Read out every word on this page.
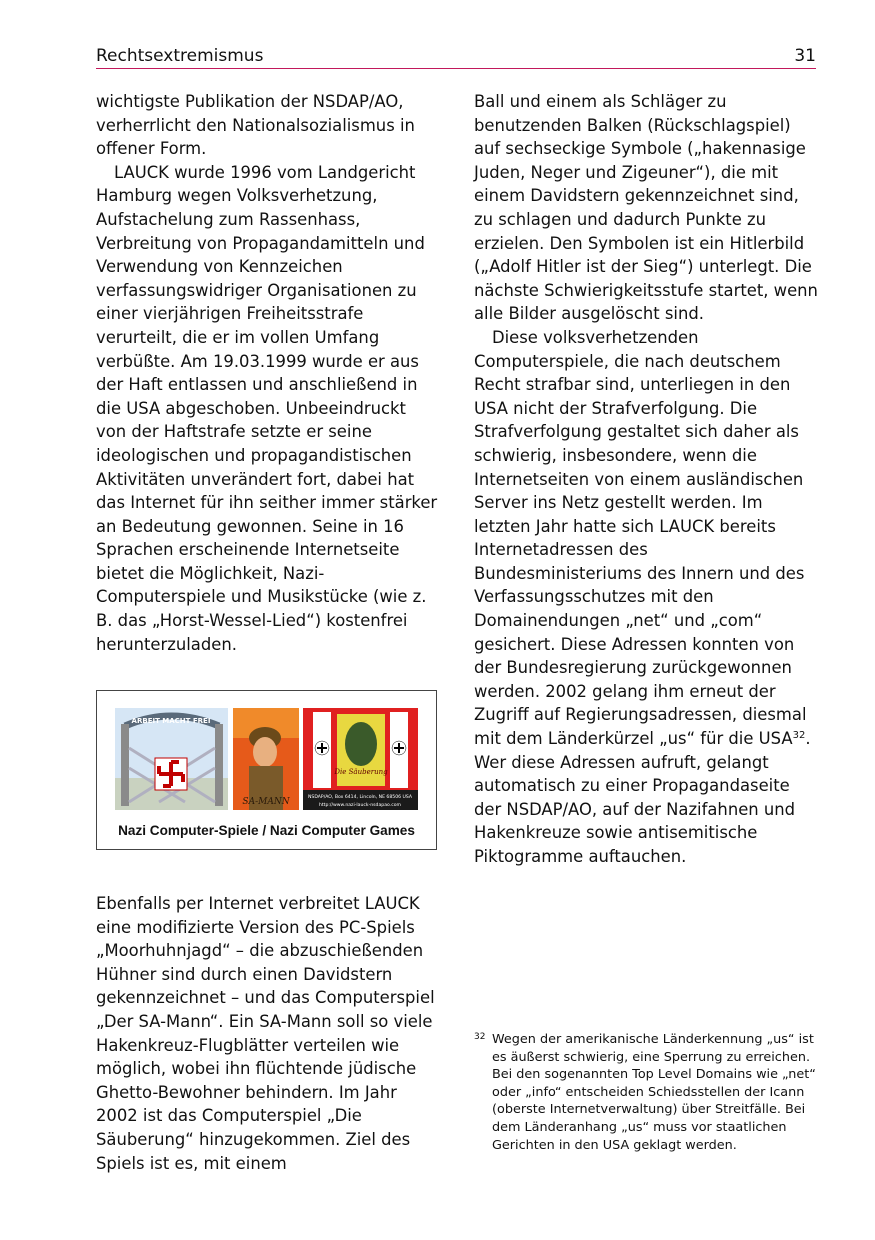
Rechtsextremismus	31

wichtigste Publikation der NSDAP/AO, verherrlicht den Nationalsozialismus in offener Form.

LAUCK wurde 1996 vom Landgericht Hamburg wegen Volksverhetzung, Aufstachelung zum Rassenhass, Verbreitung von Propagandamitteln und Verwendung von Kennzeichen verfassungswidriger Organisationen zu einer vierjährigen Freiheitsstrafe verurteilt, die er im vollen Umfang verbüßte. Am 19.03.1999 wurde er aus der Haft entlassen und anschließend in die USA abgeschoben. Unbeeindruckt von der Haftstrafe setzte er seine ideologischen und propagandistischen Aktivitäten unverändert fort, dabei hat das Internet für ihn seither immer stärker an Bedeutung gewonnen. Seine in 16 Sprachen erscheinende Internetseite bietet die Möglichkeit, Nazi-Computerspiele und Musikstücke (wie z. B. das „Horst-Wessel-Lied“) kostenfrei herunterzuladen.

ARBEIT MACHT FREI
SA-MANN
Die Säuberung
NSDAP/AO, Box 6414, Lincoln, NE 68506 USA
http://www.nazi-lauck-nsdapao.com
Nazi Computer-Spiele / Nazi Computer Games

Ebenfalls per Internet verbreitet LAUCK eine modifizierte Version des PC-Spiels „Moorhuhnjagd“ – die abzuschießenden Hühner sind durch einen Davidstern gekennzeichnet – und das Computerspiel „Der SA-Mann“. Ein SA-Mann soll so viele Hakenkreuz-Flugblätter verteilen wie möglich, wobei ihn flüchtende jüdische Ghetto-Bewohner behindern. Im Jahr 2002 ist das Computerspiel „Die Säuberung“ hinzugekommen. Ziel des Spiels ist es, mit einem

Ball und einem als Schläger zu benutzenden Balken (Rückschlagspiel) auf sechseckige Symbole („hakennasige Juden, Neger und Zigeuner“), die mit einem Davidstern gekennzeichnet sind, zu schlagen und dadurch Punkte zu erzielen. Den Symbolen ist ein Hitlerbild („Adolf Hitler ist der Sieg“) unterlegt. Die nächste Schwierigkeitsstufe startet, wenn alle Bilder ausgelöscht sind.

Diese volksverhetzenden Computerspiele, die nach deutschem Recht strafbar sind, unterliegen in den USA nicht der Strafverfolgung. Die Strafverfolgung gestaltet sich daher als schwierig, insbesondere, wenn die Internetseiten von einem ausländischen Server ins Netz gestellt werden. Im letzten Jahr hatte sich LAUCK bereits Internetadressen des Bundesministeriums des Innern und des Verfassungsschutzes mit den Domainendungen „net“ und „com“ gesichert. Diese Adressen konnten von der Bundesregierung zurückgewonnen werden. 2002 gelang ihm erneut der Zugriff auf Regierungsadressen, diesmal mit dem Länderkürzel „us“ für die USA$^{32}$. Wer diese Adressen aufruft, gelangt automatisch zu einer Propagandaseite der NSDAP/AO, auf der Nazifahnen und Hakenkreuze sowie antisemitische Piktogramme auftauchen.

32 Wegen der amerikanische Länderkennung „us“ ist es äußerst schwierig, eine Sperrung zu erreichen. Bei den sogenannten Top Level Domains wie „net“ oder „info“ entscheiden Schiedsstellen der Icann (oberste Internetverwaltung) über Streitfälle. Bei dem Länderanhang „us“ muss vor staatlichen Gerichten in den USA geklagt werden.
